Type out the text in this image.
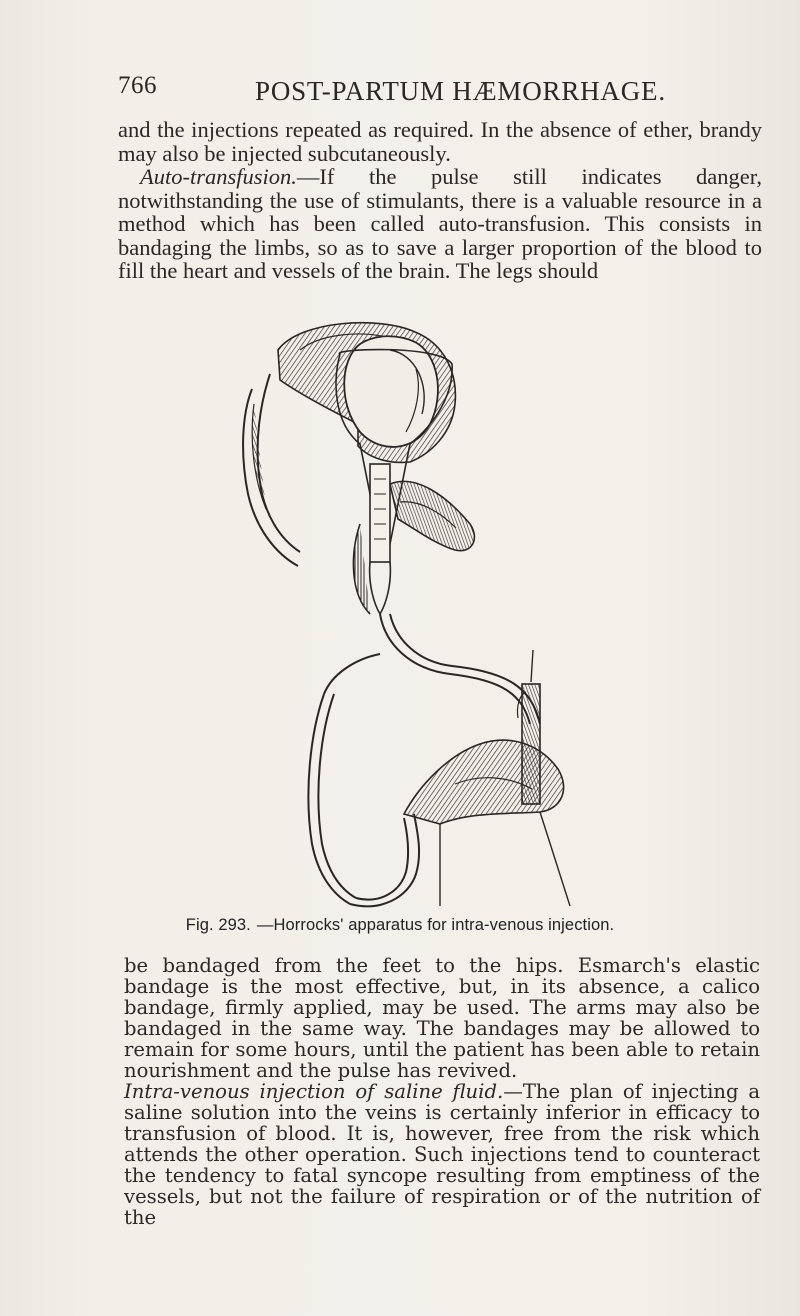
766	POST-PARTUM HÆMORRHAGE.

and the injections repeated as required. In the absence of ether, brandy may also be injected subcutaneously.

Auto-transfusion.—If the pulse still indicates danger, notwithstanding the use of stimulants, there is a valuable resource in a method which has been called auto-transfusion. This consists in bandaging the limbs, so as to save a larger proportion of the blood to fill the heart and vessels of the brain. The legs should

Fig. 293. —Horrocks' apparatus for intra-venous injection.

be bandaged from the feet to the hips. Esmarch's elastic bandage is the most effective, but, in its absence, a calico bandage, firmly applied, may be used. The arms may also be bandaged in the same way. The bandages may be allowed to remain for some hours, until the patient has been able to retain nourishment and the pulse has revived.

Intra-venous injection of saline fluid.—The plan of injecting a saline solution into the veins is certainly inferior in efficacy to transfusion of blood. It is, however, free from the risk which attends the other operation. Such injections tend to counteract the tendency to fatal syncope resulting from emptiness of the vessels, but not the failure of respiration or of the nutrition of the
